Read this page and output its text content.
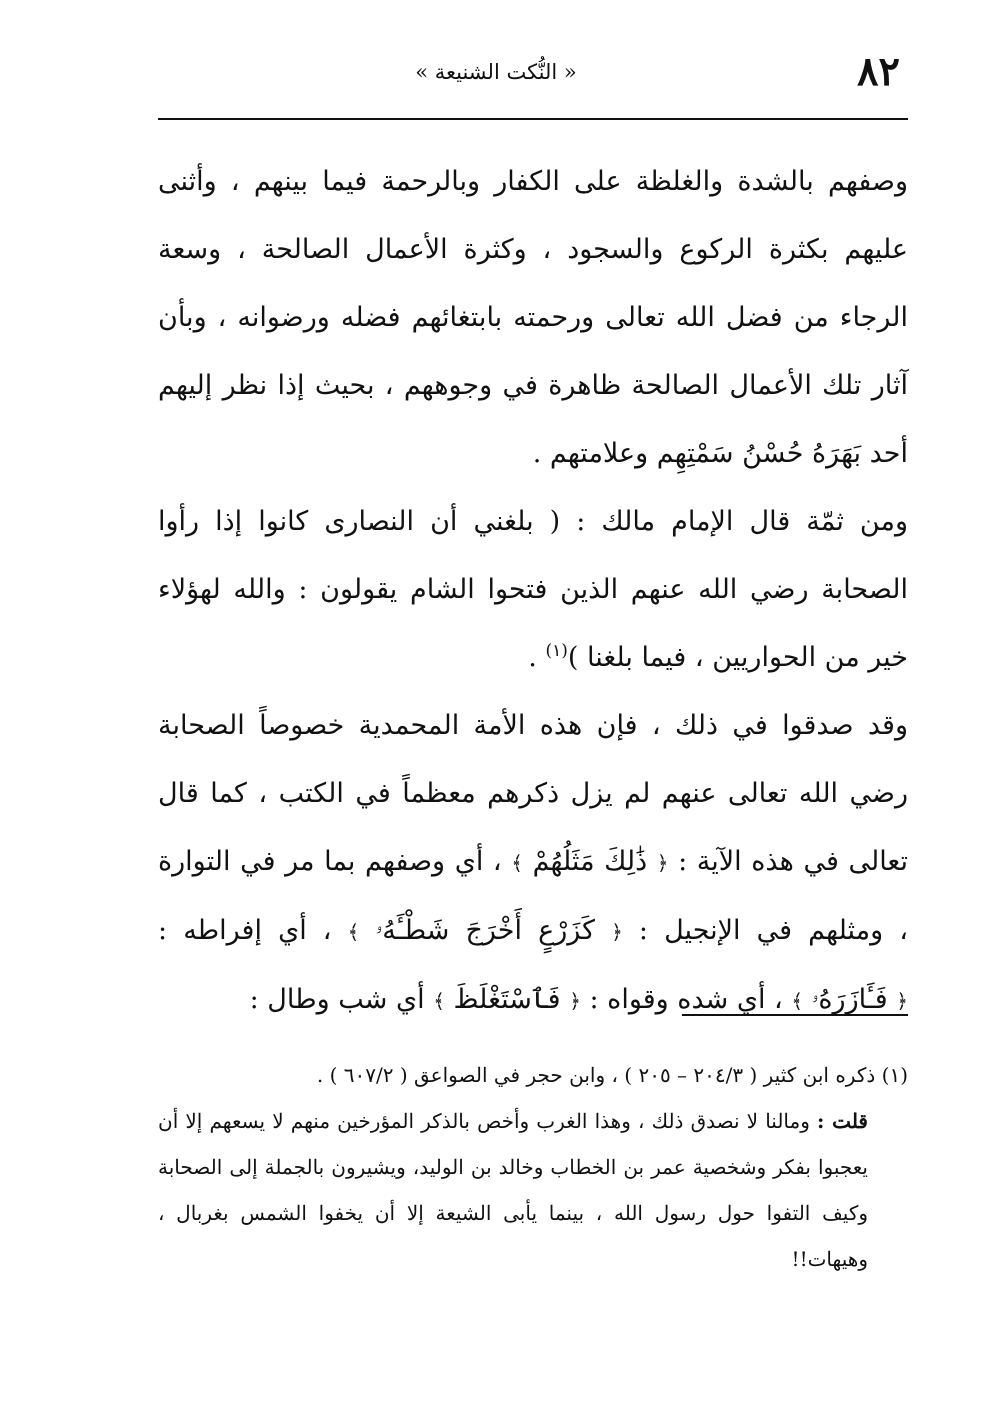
٨٢
« النُّكت الشنيعة »

وصفهم بالشدة والغلظة على الكفار وبالرحمة فيما بينهم ، وأثنى عليهم بكثرة الركوع والسجود ، وكثرة الأعمال الصالحة ، وسعة الرجاء من فضل الله تعالى ورحمته بابتغائهم فضله ورضوانه ، وبأن آثار تلك الأعمال الصالحة ظاهرة في وجوههم ، بحيث إذا نظر إليهم أحد بَهَرَهُ حُسْنُ سَمْتِهِم وعلامتهم .

ومن ثمّة قال الإمام مالك : ( بلغني أن النصارى كانوا إذا رأوا الصحابة رضي الله عنهم الذين فتحوا الشام يقولون : والله لهؤلاء خير من الحواريين ، فيما بلغنا )$^{(١)}$ .

وقد صدقوا في ذلك ، فإن هذه الأمة المحمدية خصوصاً الصحابة رضي الله تعالى عنهم لم يزل ذكرهم معظماً في الكتب ، كما قال تعالى في هذه الآية : ﴿ ذَٰلِكَ مَثَلُهُمْ ﴾ ، أي وصفهم بما مر في التوارة ، ومثلهم في الإنجيل : ﴿ كَزَرْعٍ أَخْرَجَ شَطْـَٔهُۥ ﴾ ، أي إفراطه : ﴿ فَـَٔازَرَهُۥ ﴾ ، أي شده وقواه : ﴿ فَٱسْتَغْلَظَ ﴾ أي شب وطال :

(١) ذكره ابن كثير ( ٢٠٤/٣ – ٢٠٥ ) ، وابن حجر في الصواعق ( ٦٠٧/٢ ) .

قلت : ومالنا لا نصدق ذلك ، وهذا الغرب وأخص بالذكر المؤرخين منهم لا يسعهم إلا أن يعجبوا بفكر وشخصية عمر بن الخطاب وخالد بن الوليد، ويشيرون بالجملة إلى الصحابة وكيف التفوا حول رسول الله ، بينما يأبى الشيعة إلا أن يخفوا الشمس بغربال ، وهيهات!!
